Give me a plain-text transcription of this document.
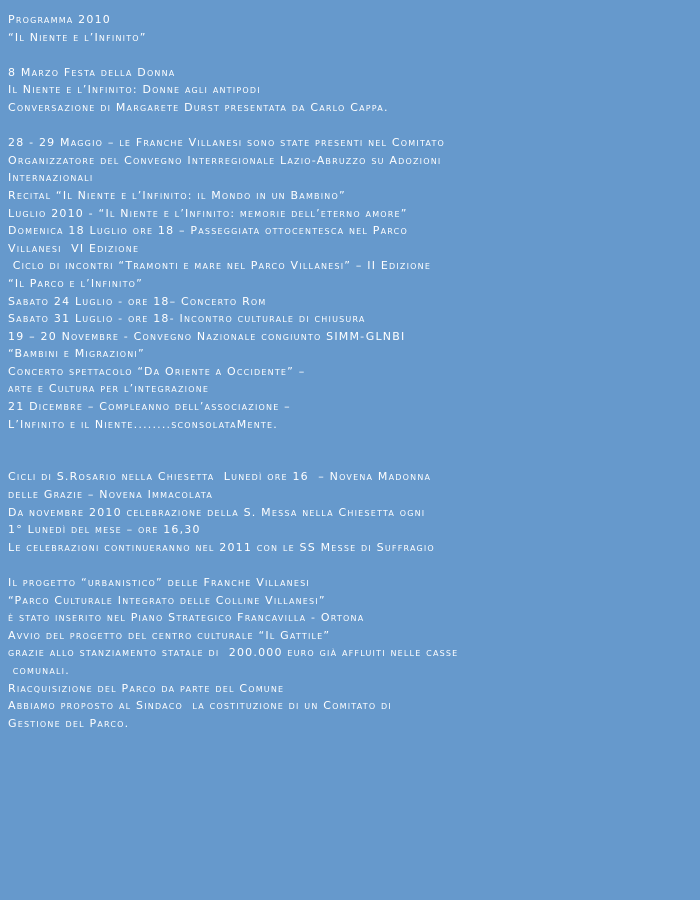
Programma 2010
“Il Niente e l’Infinito”
8 Marzo Festa della Donna
Il Niente e l’Infinito: Donne agli antipodi
Conversazione di Margarete Durst presentata da Carlo Cappa.
28 - 29 Maggio – le Franche Villanesi sono state presenti nel Comitato
Organizzatore del Convegno Interregionale Lazio-Abruzzo su Adozioni
Internazionali
Recital “Il Niente e l’Infinito: il Mondo in un Bambino”
Luglio 2010 - “Il Niente e l’Infinito: memorie dell’eterno amore”
Domenica 18 Luglio ore 18 – Passeggiata ottocentesca nel Parco
Villanesi  VI Edizione
Ciclo di incontri “Tramonti e mare nel Parco Villanesi” – II Edizione
“Il Parco e l’Infinito”
Sabato 24 Luglio - ore 18– Concerto Rom
Sabato 31 Luglio - ore 18- Incontro culturale di chiusura
19 – 20 Novembre - Convegno Nazionale congiunto SIMM-GLNBI
“Bambini e Migrazioni”
Concerto spettacolo “Da Oriente a Occidente” –
arte e Cultura per l’integrazione
21 Dicembre – Compleanno dell’associazione –
L’Infinito e il Niente........sconsolataMente.
Cicli di S.Rosario nella Chiesetta  Lunedì ore 16  – Novena Madonna
delle Grazie – Novena Immacolata
Da novembre 2010 celebrazione della S. Messa nella Chiesetta ogni
1° Lunedì del mese – ore 16,30
Le celebrazioni continueranno nel 2011 con le SS Messe di Suffragio
Il progetto “urbanistico” delle Franche Villanesi
“Parco Culturale Integrato delle Colline Villanesi”
è stato inserito nel Piano Strategico Francavilla - Ortona
Avvio del progetto del centro culturale “Il Gattile”
grazie allo stanziamento statale di  200.000 euro già affluiti nelle casse
comunali.
Riacquisizione del Parco da parte del Comune
Abbiamo proposto al Sindaco  la costituzione di un Comitato di
Gestione del Parco.
